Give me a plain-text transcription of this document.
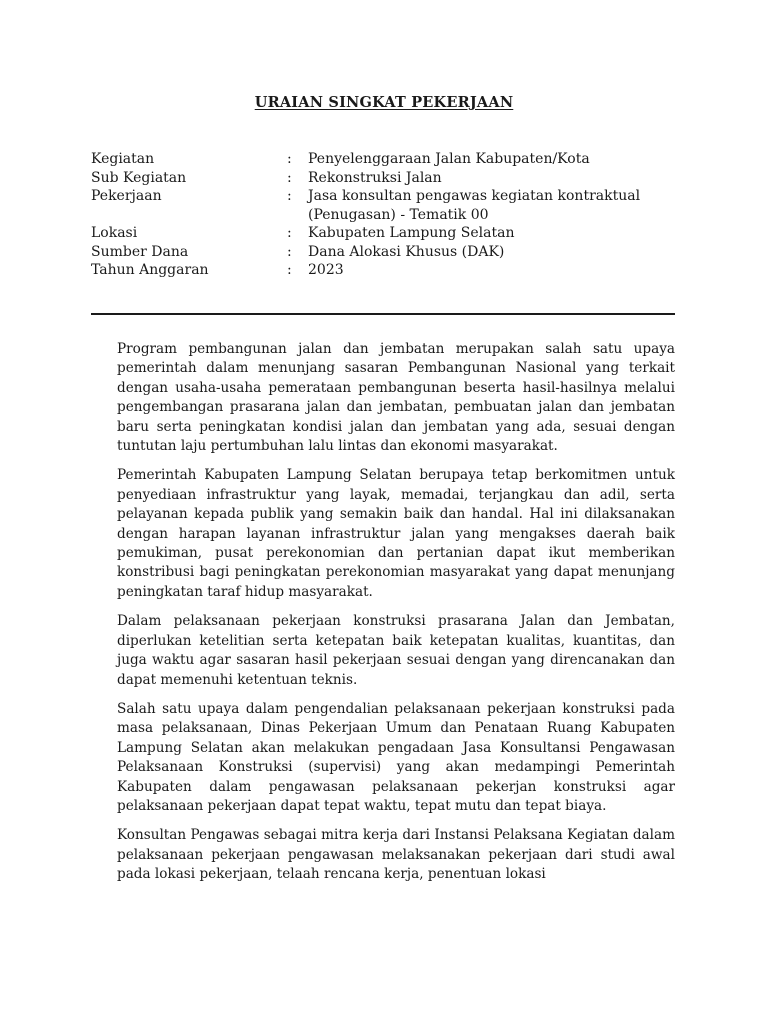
URAIAN SINGKAT PEKERJAAN
Kegiatan	:	Penyelenggaraan Jalan Kabupaten/Kota
Sub Kegiatan	:	Rekonstruksi Jalan
Pekerjaan	:	Jasa konsultan pengawas kegiatan kontraktual (Penugasan) - Tematik 00
Lokasi	:	Kabupaten Lampung Selatan
Sumber Dana	:	Dana Alokasi Khusus (DAK)
Tahun Anggaran	:	2023

Program pembangunan jalan dan jembatan merupakan salah satu upaya pemerintah dalam menunjang sasaran Pembangunan Nasional yang terkait dengan usaha-usaha pemerataan pembangunan beserta hasil-hasilnya melalui pengembangan prasarana jalan dan jembatan, pembuatan jalan dan jembatan baru serta peningkatan kondisi jalan dan jembatan yang ada, sesuai dengan tuntutan laju pertumbuhan lalu lintas dan ekonomi masyarakat.

Pemerintah Kabupaten Lampung Selatan berupaya tetap berkomitmen untuk penyediaan infrastruktur yang layak, memadai, terjangkau dan adil, serta pelayanan kepada publik yang semakin baik dan handal. Hal ini dilaksanakan dengan harapan layanan infrastruktur jalan yang mengakses daerah baik pemukiman, pusat perekonomian dan pertanian dapat ikut memberikan konstribusi bagi peningkatan perekonomian masyarakat yang dapat menunjang peningkatan taraf hidup masyarakat.

Dalam pelaksanaan pekerjaan konstruksi prasarana Jalan dan Jembatan, diperlukan ketelitian serta ketepatan baik ketepatan kualitas, kuantitas, dan juga waktu agar sasaran hasil pekerjaan sesuai dengan yang direncanakan dan dapat memenuhi ketentuan teknis.

Salah satu upaya dalam pengendalian pelaksanaan pekerjaan konstruksi pada masa pelaksanaan, Dinas Pekerjaan Umum dan Penataan Ruang Kabupaten Lampung Selatan akan melakukan pengadaan Jasa Konsultansi Pengawasan Pelaksanaan Konstruksi (supervisi) yang akan medampingi Pemerintah Kabupaten dalam pengawasan pelaksanaan pekerjan konstruksi agar pelaksanaan pekerjaan dapat tepat waktu, tepat mutu dan tepat biaya.

Konsultan Pengawas sebagai mitra kerja dari Instansi Pelaksana Kegiatan dalam pelaksanaan pekerjaan pengawasan melaksanakan pekerjaan dari studi awal pada lokasi pekerjaan, telaah rencana kerja, penentuan lokasi
